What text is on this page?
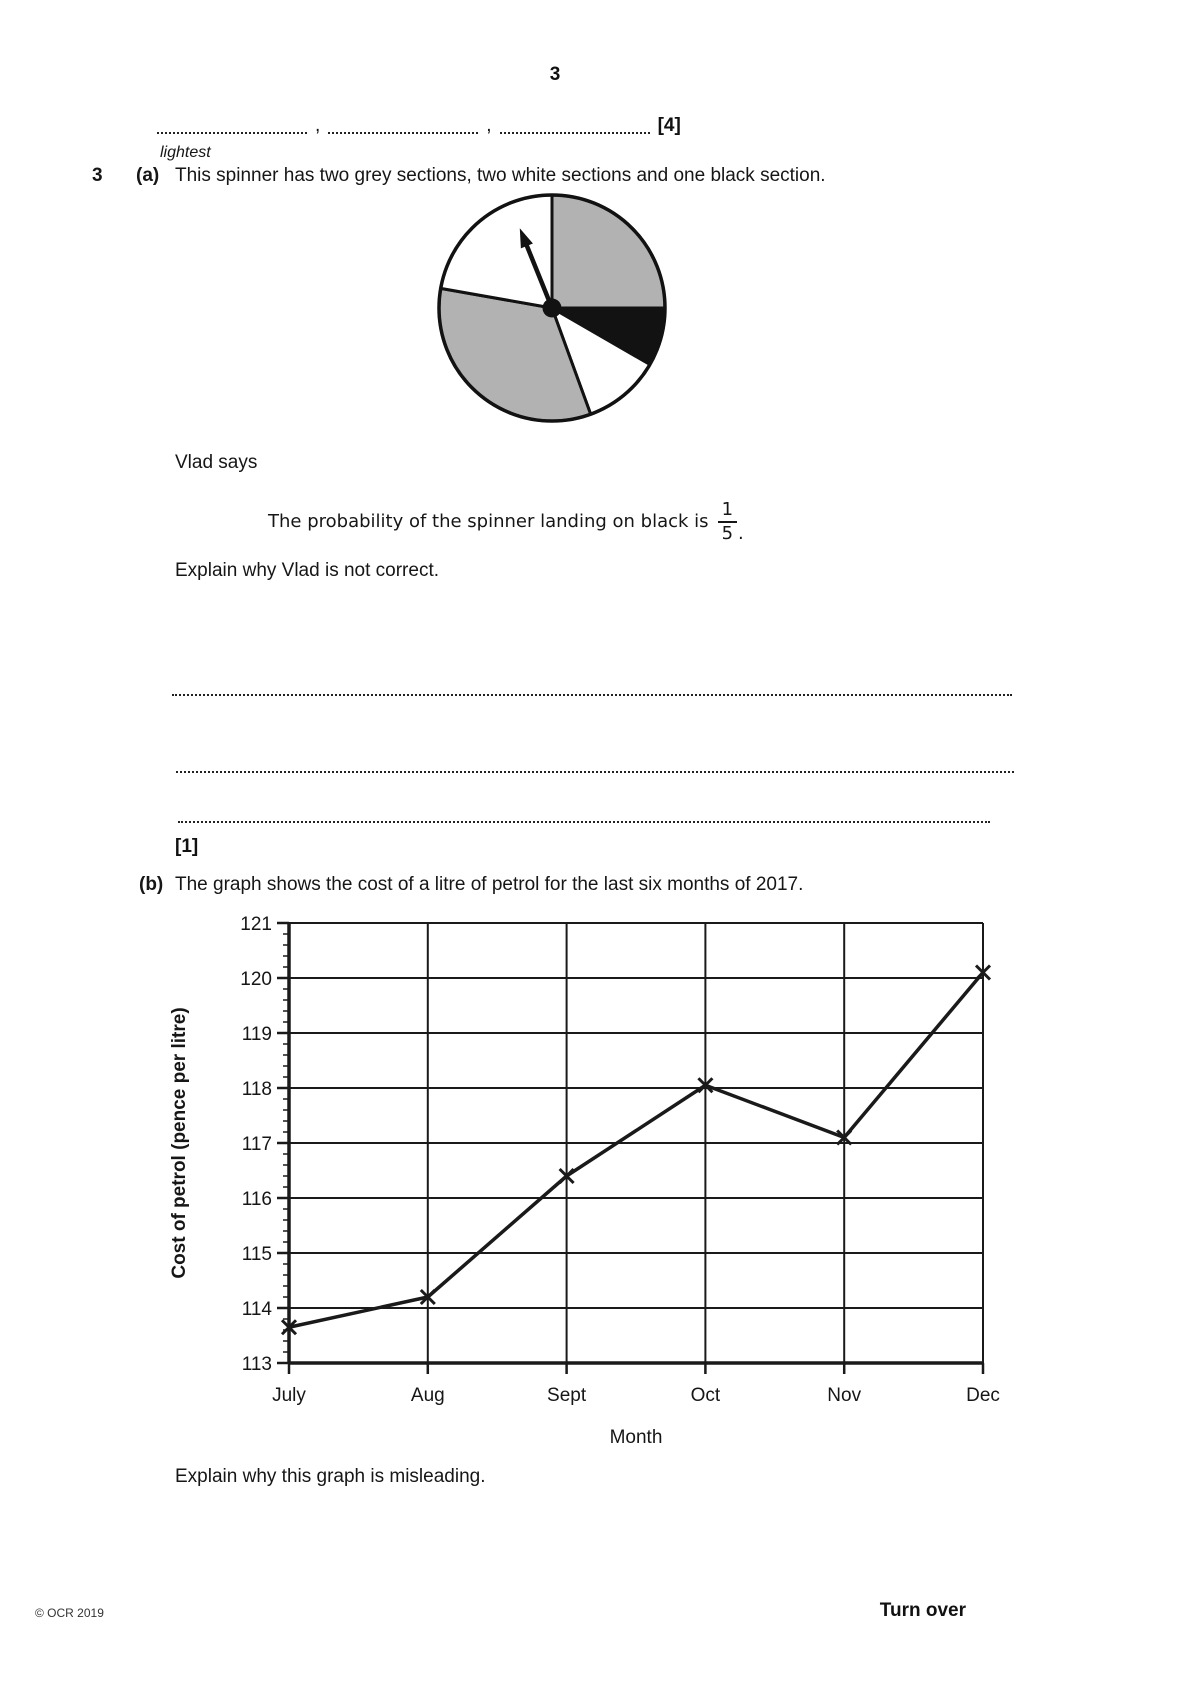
3
,	,	[4]
lightest
3 (a) This spinner has two grey sections, two white sections and one black section.
Vlad says
The probability of the spinner landing on black is $\frac{1}{5}$ .
Explain why Vlad is not correct.
[1]
(b) The graph shows the cost of a litre of petrol for the last six months of 2017.
113
114
115
116
117
118
119
120
121
July	Aug	Sept	Oct	Nov	Dec
Month
Cost of petrol (pence per litre)
Explain why this graph is misleading.
© OCR 2019	Turn over
